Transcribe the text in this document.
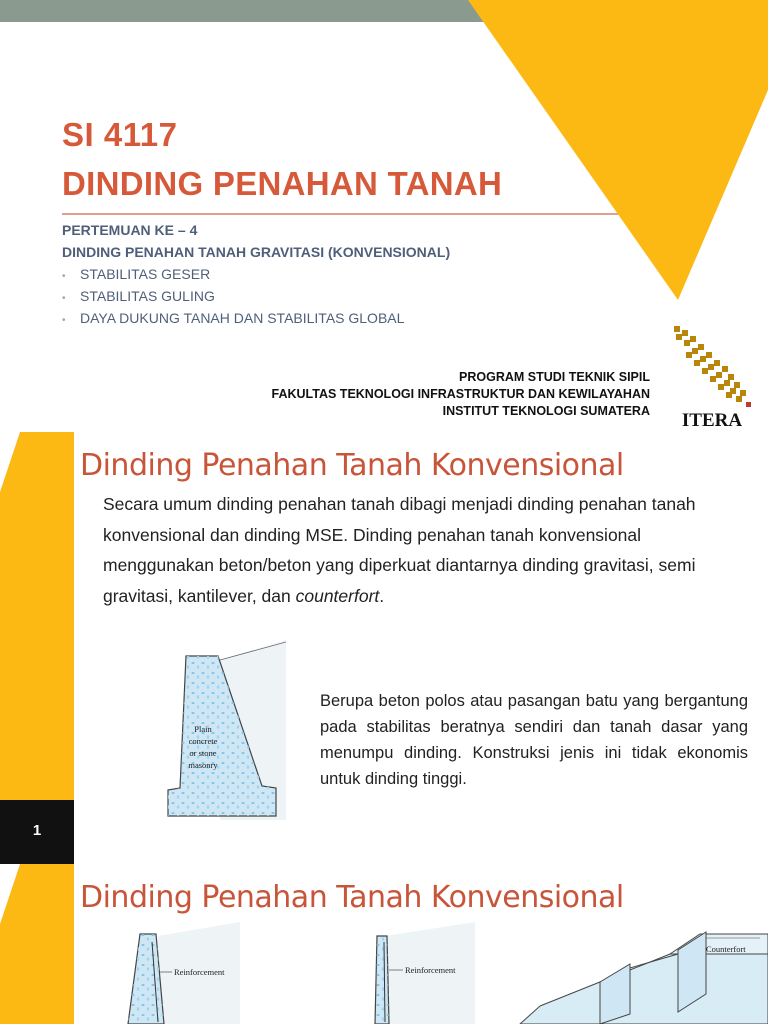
SI 4117
DINDING PENAHAN TANAH
PERTEMUAN KE – 4
DINDING PENAHAN TANAH GRAVITASI (KONVENSIONAL)
• STABILITAS GESER
• STABILITAS GULING
• DAYA DUKUNG TANAH DAN STABILITAS GLOBAL
PROGRAM STUDI TEKNIK SIPIL
FAKULTAS TEKNOLOGI INFRASTRUKTUR DAN KEWILAYAHAN
INSTITUT TEKNOLOGI SUMATERA ITERA
Dinding Penahan Tanah Konvensional
Secara umum dinding penahan tanah dibagi menjadi dinding penahan tanah konvensional dan dinding MSE. Dinding penahan tanah konvensional menggunakan beton/beton yang diperkuat diantarnya dinding gravitasi, semi gravitasi, kantilever, dan counterfort.
Plain
concrete
or stone
masonry
Berupa beton polos atau pasangan batu yang bergantung pada stabilitas beratnya sendiri dan tanah dasar yang menumpu dinding. Konstruksi jenis ini tidak ekonomis untuk dinding tinggi.
1
Dinding Penahan Tanah Konvensional
Reinforcement	Reinforcement
Counterfort
